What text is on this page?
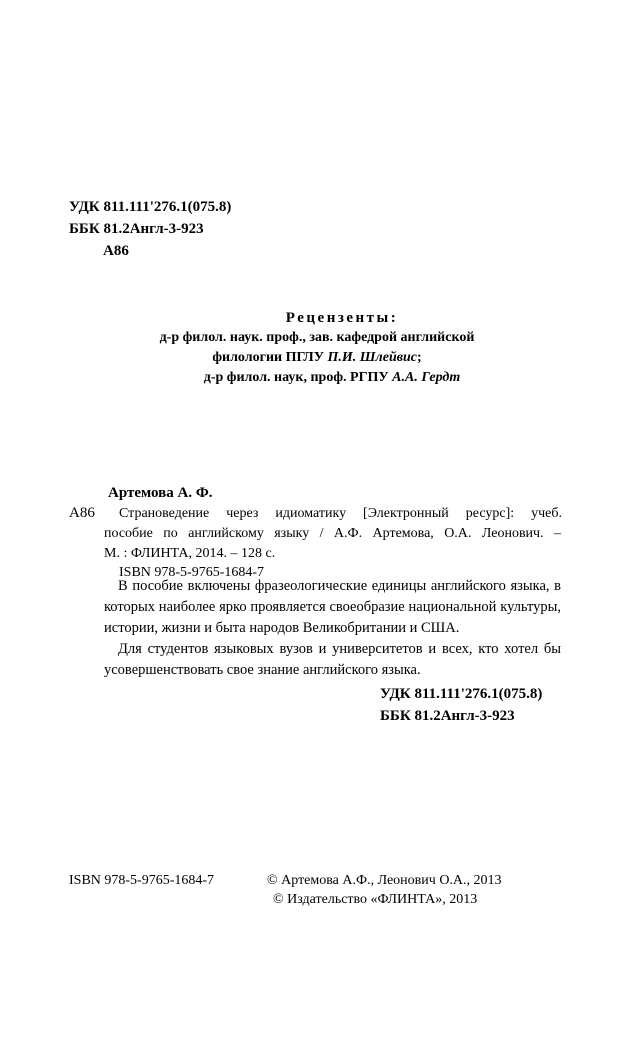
УДК 811.111'276.1(075.8)
ББК 81.2Англ-3-923
А86
Рецензенты:
д-р филол. наук. проф., зав. кафедрой английской
филологии ПГЛУ П.И. Шлейвис;
д-р филол. наук, проф. РГПУ А.А. Гердт
Артемова А. Ф.
А86 Страноведение через идиоматику [Электронный ресурс]: учеб.
пособие по английскому языку / А.Ф. Артемова, О.А. Леонович. –
М. : ФЛИНТА, 2014. – 128 с.
ISBN 978-5-9765-1684-7
В пособие включены фразеологические единицы английского языка, в которых наиболее ярко проявляется своеобразие национальной культуры, истории, жизни и быта народов Великобритании и США.
Для студентов языковых вузов и университетов и всех, кто хотел бы усовершенствовать свое знание английского языка.
УДК 811.111'276.1(075.8)
ББК 81.2Англ-3-923
ISBN 978-5-9765-1684-7	© Артемова А.Ф., Леонович О.А., 2013
© Издательство «ФЛИНТА», 2013
